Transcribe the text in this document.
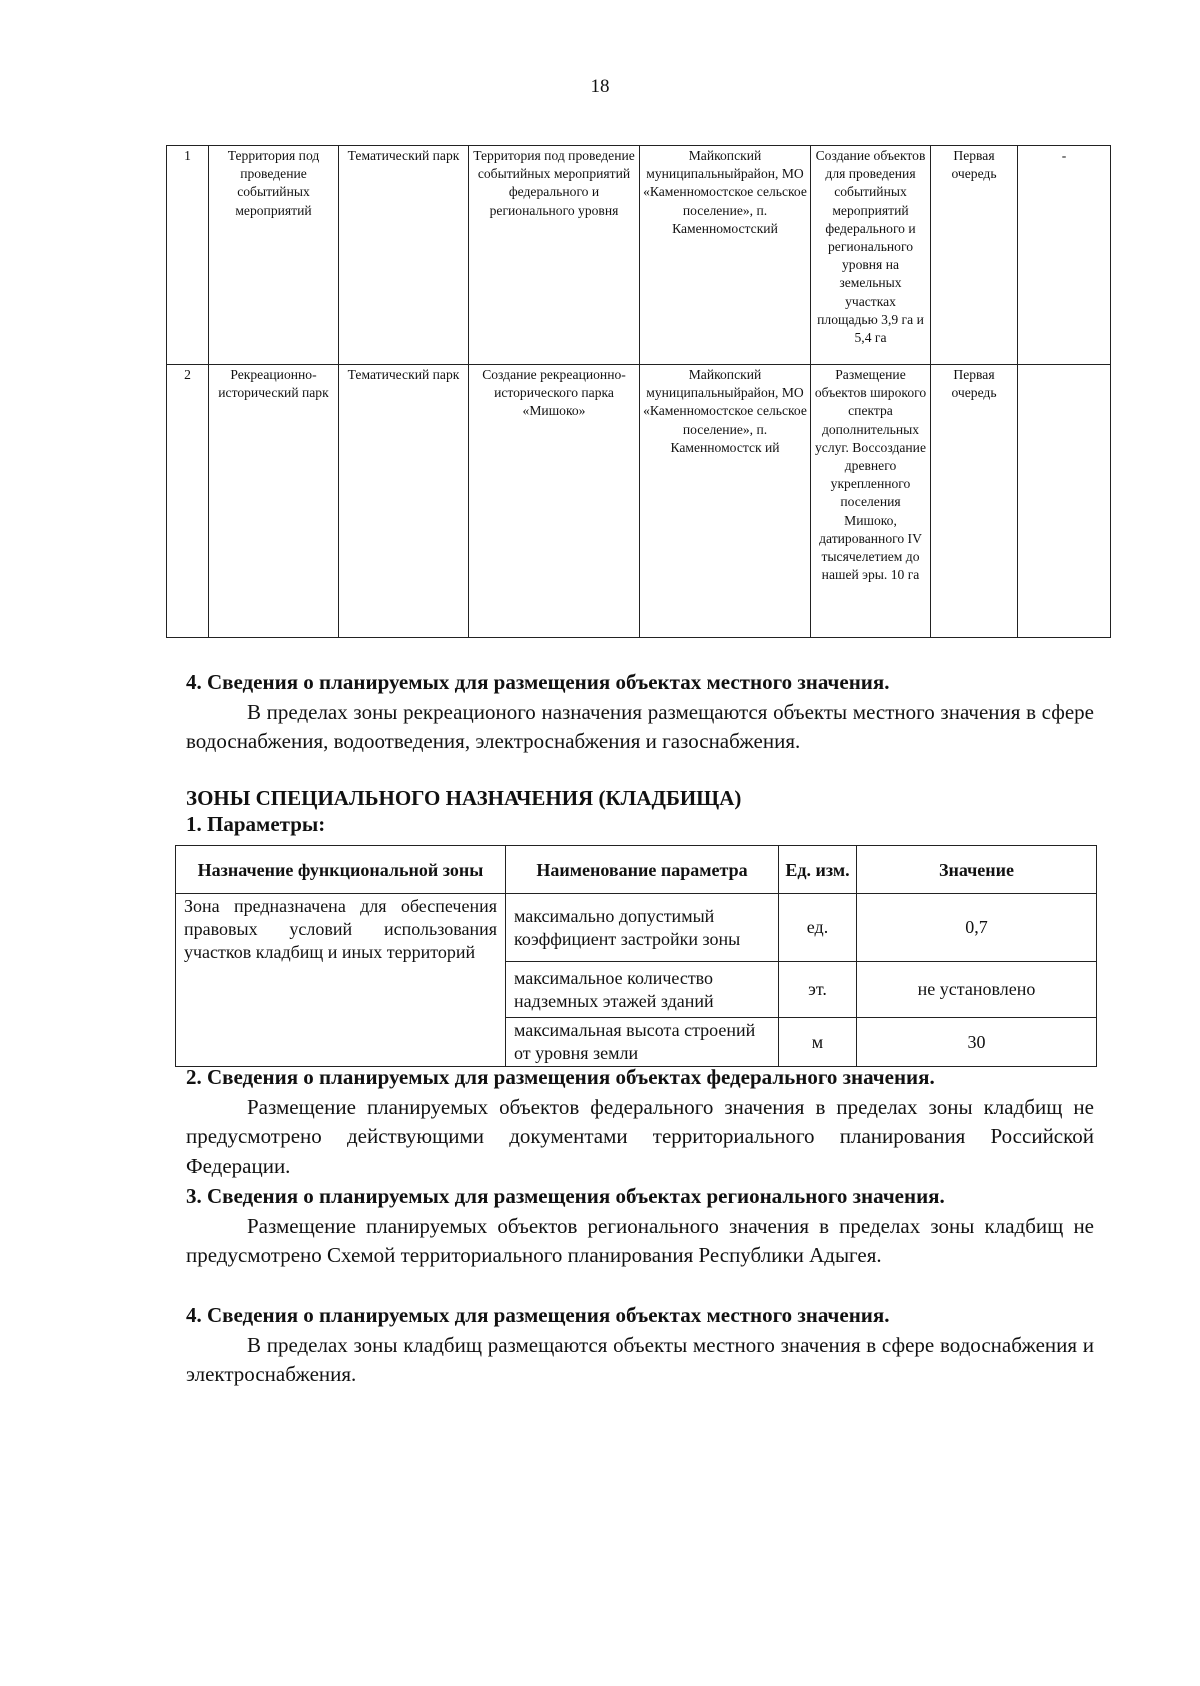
18
1	Территория под проведение событийных мероприятий	Тематический парк	Территория под проведение событийных мероприятий федерального и регионального уровня	Майкопский муниципальныйрайон, МО «Каменномостское сельское поселение», п. Каменномостский	Создание объектов для проведения событийных мероприятий федерального и регионального уровня на земельных участках площадью 3,9 га и 5,4 га	Первая очередь	-
2	Рекреационно-исторический парк	Тематический парк	Создание рекреационно-исторического парка «Мишоко»	Майкопский муниципальныйрайон, МО «Каменномостское сельское поселение», п. Каменномостск ий	Размещение объектов широкого спектра дополнительных услуг. Воссоздание древнего укрепленного поселения Мишоко, датированного IV тысячелетием до нашей эры. 10 га	Первая очередь	
4. Сведения о планируемых для размещения объектах местного значения.
В пределах зоны рекреационого назначения размещаются объекты местного значения в сфере водоснабжения, водоотведения, электроснабжения и газоснабжения.
ЗОНЫ СПЕЦИАЛЬНОГО НАЗНАЧЕНИЯ (КЛАДБИЩА)
1. Параметры:
Назначение функциональной зоны	Наименование параметра	Ед. изм.	Значение
Зона предназначена для обеспечения правовых условий использования участков кладбищ и иных территорий	максимально допустимый коэффициент застройки зоны	ед.	0,7
	максимальное количество надземных этажей зданий	эт.	не установлено
	максимальная высота строений от уровня земли	м	30
2. Сведения о планируемых для размещения объектах федерального значения.
Размещение планируемых объектов федерального значения в пределах зоны кладбищ не предусмотрено действующими документами территориального планирования Российской Федерации.
3. Сведения о планируемых для размещения объектах регионального значения.
Размещение планируемых объектов регионального значения в пределах зоны кладбищ не предусмотрено Схемой территориального планирования Республики Адыгея.
4. Сведения о планируемых для размещения объектах местного значения.
В пределах зоны кладбищ размещаются объекты местного значения в сфере водоснабжения и электроснабжения.
